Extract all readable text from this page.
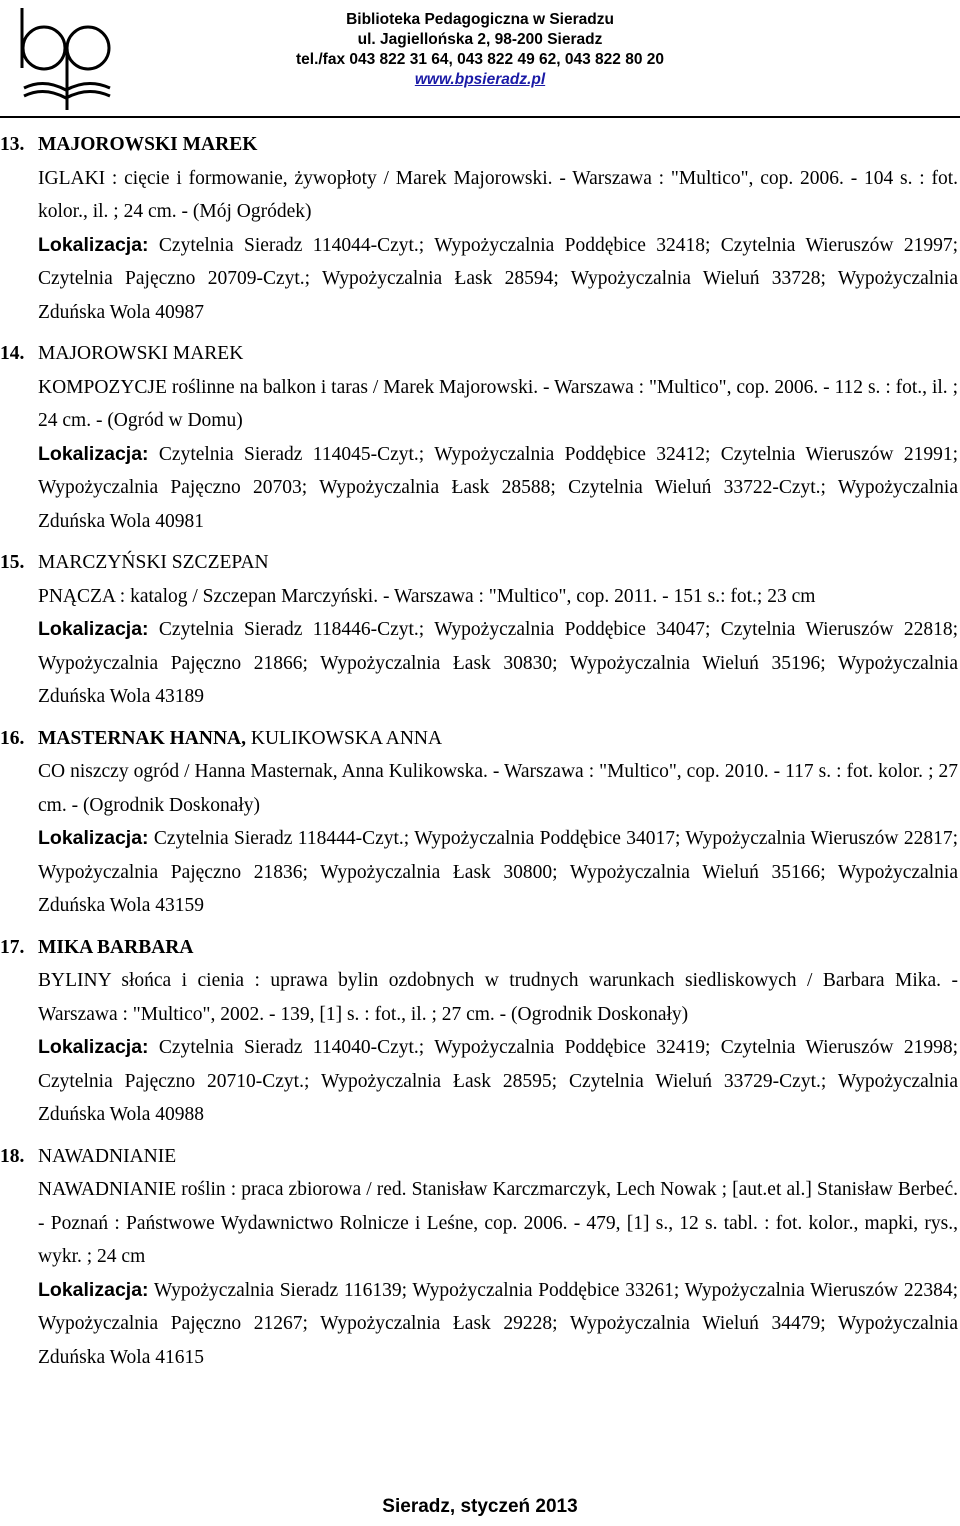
Biblioteka Pedagogiczna w Sieradzu
ul. Jagiellońska 2, 98-200 Sieradz
tel./fax 043 822 31 64, 043 822 49 62, 043 822 80 20
www.bpsieradz.pl
13. MAJOROWSKI MAREK

IGLAKI : cięcie i formowanie, żywopłoty / Marek Majorowski. - Warszawa : "Multico", cop. 2006. - 104 s. : fot. kolor., il. ; 24 cm. - (Mój Ogródek)

Lokalizacja: Czytelnia Sieradz 114044-Czyt.; Wypożyczalnia Poddębice 32418; Czytelnia Wieruszów 21997; Czytelnia Pajęczno 20709-Czyt.; Wypożyczalnia Łask 28594; Wypożyczalnia Wieluń 33728; Wypożyczalnia Zduńska Wola 40987

14. MAJOROWSKI MAREK

KOMPOZYCJE roślinne na balkon i taras / Marek Majorowski. - Warszawa : "Multico", cop. 2006. - 112 s. : fot., il. ; 24 cm. - (Ogród w Domu)

Lokalizacja: Czytelnia Sieradz 114045-Czyt.; Wypożyczalnia Poddębice 32412; Czytelnia Wieruszów 21991; Wypożyczalnia Pajęczno 20703; Wypożyczalnia Łask 28588; Czytelnia Wieluń 33722-Czyt.; Wypożyczalnia Zduńska Wola 40981

15. MARCZYŃSKI SZCZEPAN

PNĄCZA : katalog / Szczepan Marczyński. - Warszawa : "Multico", cop. 2011. - 151 s.: fot.; 23 cm

Lokalizacja: Czytelnia Sieradz 118446-Czyt.; Wypożyczalnia Poddębice 34047; Czytelnia Wieruszów 22818; Wypożyczalnia Pajęczno 21866; Wypożyczalnia Łask 30830; Wypożyczalnia Wieluń 35196; Wypożyczalnia Zduńska Wola 43189

16. MASTERNAK HANNA, KULIKOWSKA ANNA

CO niszczy ogród / Hanna Masternak, Anna Kulikowska. - Warszawa : "Multico", cop. 2010. - 117 s. : fot. kolor. ; 27 cm. - (Ogrodnik Doskonały)

Lokalizacja: Czytelnia Sieradz 118444-Czyt.; Wypożyczalnia Poddębice 34017; Wypożyczalnia Wieruszów 22817; Wypożyczalnia Pajęczno 21836; Wypożyczalnia Łask 30800; Wypożyczalnia Wieluń 35166; Wypożyczalnia Zduńska Wola 43159

17. MIKA BARBARA

BYLINY słońca i cienia : uprawa bylin ozdobnych w trudnych warunkach siedliskowych / Barbara Mika. - Warszawa : "Multico", 2002. - 139, [1] s. : fot., il. ; 27 cm. - (Ogrodnik Doskonały)

Lokalizacja: Czytelnia Sieradz 114040-Czyt.; Wypożyczalnia Poddębice 32419; Czytelnia Wieruszów 21998; Czytelnia Pajęczno 20710-Czyt.; Wypożyczalnia Łask 28595; Czytelnia Wieluń 33729-Czyt.; Wypożyczalnia Zduńska Wola 40988

18. NAWADNIANIE

NAWADNIANIE roślin : praca zbiorowa / red. Stanisław Karczmarczyk, Lech Nowak ; [aut.et al.] Stanisław Berbeć. - Poznań : Państwowe Wydawnictwo Rolnicze i Leśne, cop. 2006. - 479, [1] s., 12 s. tabl. : fot. kolor., mapki, rys., wykr. ; 24 cm

Lokalizacja: Wypożyczalnia Sieradz 116139; Wypożyczalnia Poddębice 33261; Wypożyczalnia Wieruszów 22384; Wypożyczalnia Pajęczno 21267; Wypożyczalnia Łask 29228; Wypożyczalnia Wieluń 34479; Wypożyczalnia Zduńska Wola 41615

Sieradz, styczeń 2013
